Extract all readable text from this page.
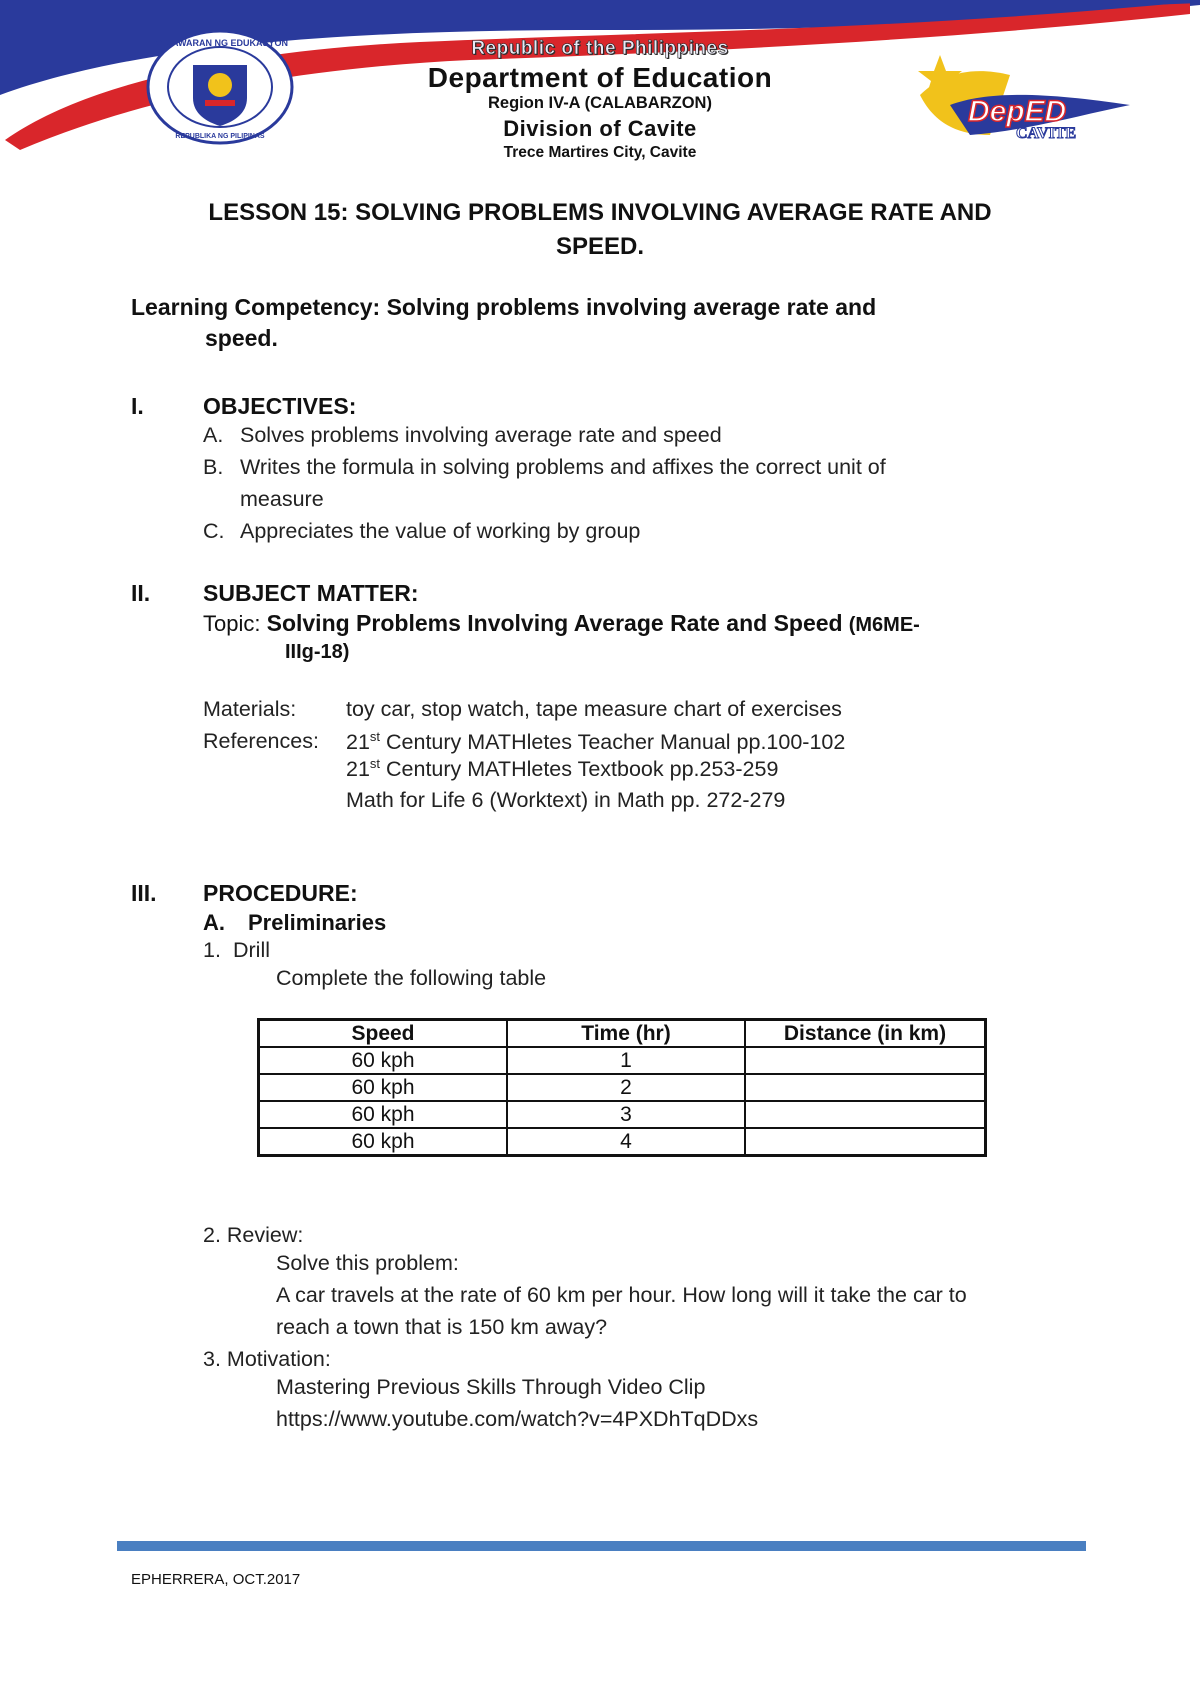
KAGAWARAN NG EDUKASYON
REPUBLIKA NG PILIPINAS
DepED
CAVITE
Republic of the Philippines
Department of Education
Region IV-A (CALABARZON)
Division of Cavite
Trece Martires City, Cavite
LESSON 15: SOLVING PROBLEMS INVOLVING AVERAGE RATE AND
SPEED.
Learning Competency: Solving problems involving average rate and
speed.
I.	OBJECTIVES:
A. Solves problems involving average rate and speed
B. Writes the formula in solving problems and affixes the correct unit of
measure
C. Appreciates the value of working by group
II. SUBJECT MATTER:
Topic: Solving Problems Involving Average Rate and Speed (M6ME-
IIIg-18)
Materials: toy car, stop watch, tape measure chart of exercises
References: 21st Century MATHletes Teacher Manual pp.100-102
21st Century MATHletes Textbook pp.253-259
Math for Life 6 (Worktext) in Math pp. 272-279
III. PROCEDURE:
A. Preliminaries
1. Drill
Complete the following table
Speed	Time (hr)	Distance (in km)
60 kph	1	
60 kph	2	
60 kph	3	
60 kph	4	
2. Review:
Solve this problem:
A car travels at the rate of 60 km per hour. How long will it take the car to
reach a town that is 150 km away?
3. Motivation:
Mastering Previous Skills Through Video Clip
https://www.youtube.com/watch?v=4PXDhTqDDxs
EPHERRERA, OCT.2017
